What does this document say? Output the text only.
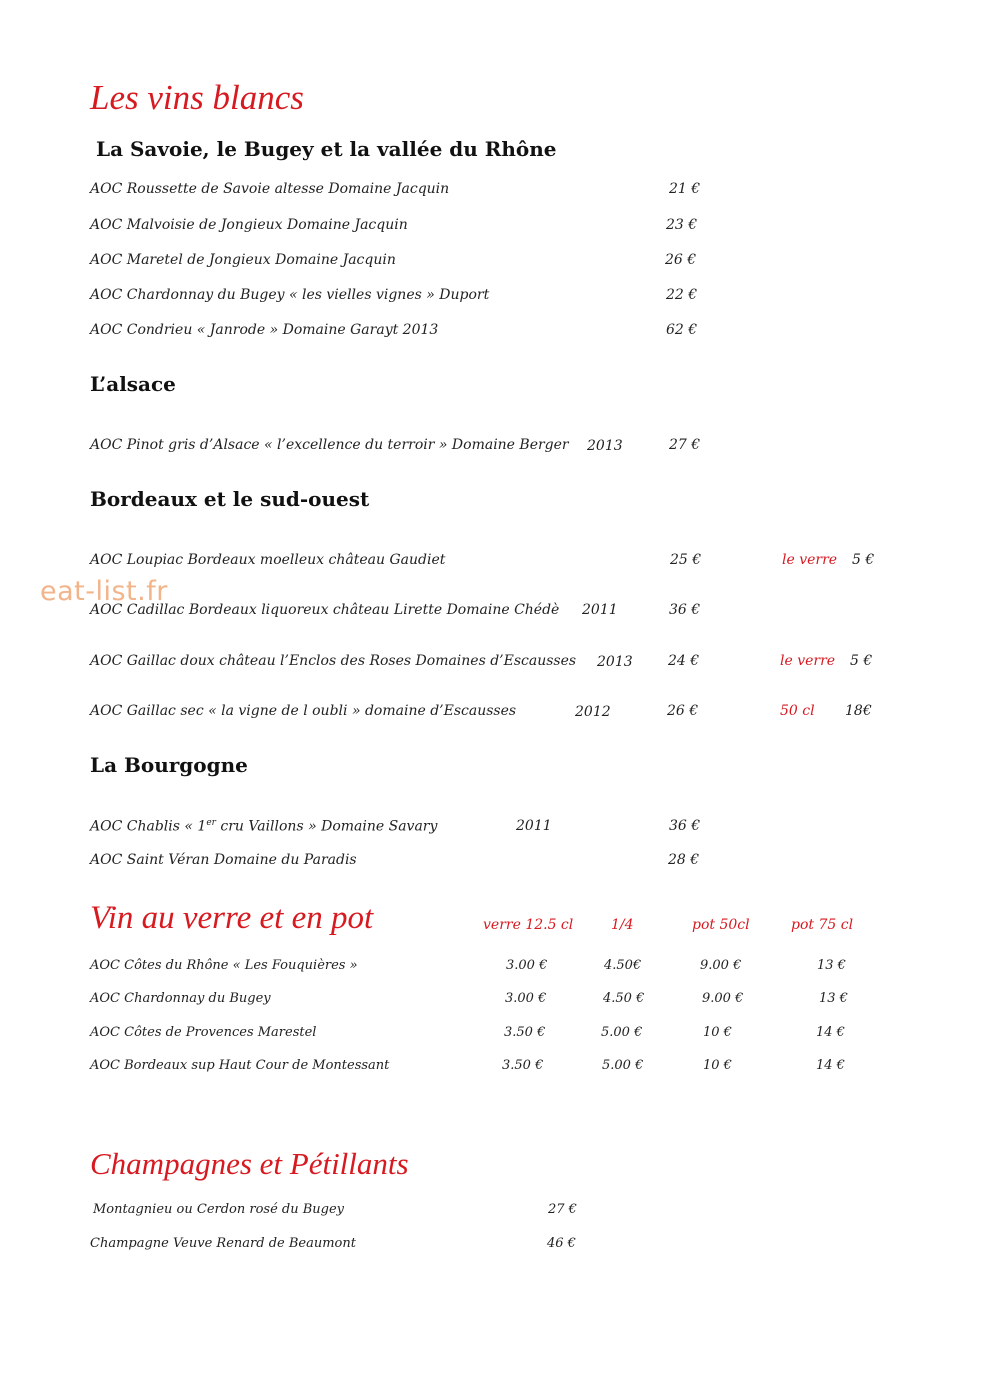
Les vins blancs
La Savoie, le Bugey et la vallée du Rhône
AOC Roussette de Savoie altesse Domaine Jacquin	21 €
AOC Malvoisie de Jongieux Domaine Jacquin	23 €
AOC Maretel de Jongieux Domaine Jacquin	26 €
AOC Chardonnay du Bugey « les vielles vignes » Duport	22 €
AOC Condrieu « Janrode » Domaine Garayt 2013	62 €
L’alsace
AOC Pinot gris d’Alsace « l’excellence du terroir » Domaine Berger 2013	27 €
Bordeaux et le sud-ouest
AOC Loupiac Bordeaux moelleux château Gaudiet	25 €	le verre 5 €
AOC Cadillac Bordeaux liquoreux château Lirette Domaine Chédè 2011	36 €
AOC Gaillac doux château l’Enclos des Roses Domaines d’Escausses 2013	24 €	le verre 5 €
AOC Gaillac sec « la vigne de l oubli » domaine d’Escausses	2012	26 €	50 cl 18€
eat-list.fr
La Bourgogne
AOC Chablis « 1er cru Vaillons » Domaine Savary	2011	36 €
AOC Saint Véran Domaine du Paradis	28 €
Vin au verre et en pot	verre 12.5 cl	1/4	pot 50cl	pot 75 cl
AOC Côtes du Rhône « Les Fouquières »	3.00 €	4.50€	9.00 €	13 €
AOC Chardonnay du Bugey	3.00 €	4.50 €	9.00 €	13 €
AOC Côtes de Provences Marestel	3.50 €	5.00 €	10 €	14 €
AOC Bordeaux sup Haut Cour de Montessant	3.50 €	5.00 €	10 €	14 €
Champagnes et Pétillants
Montagnieu ou Cerdon rosé du Bugey	27 €
Champagne Veuve Renard de Beaumont	46 €
